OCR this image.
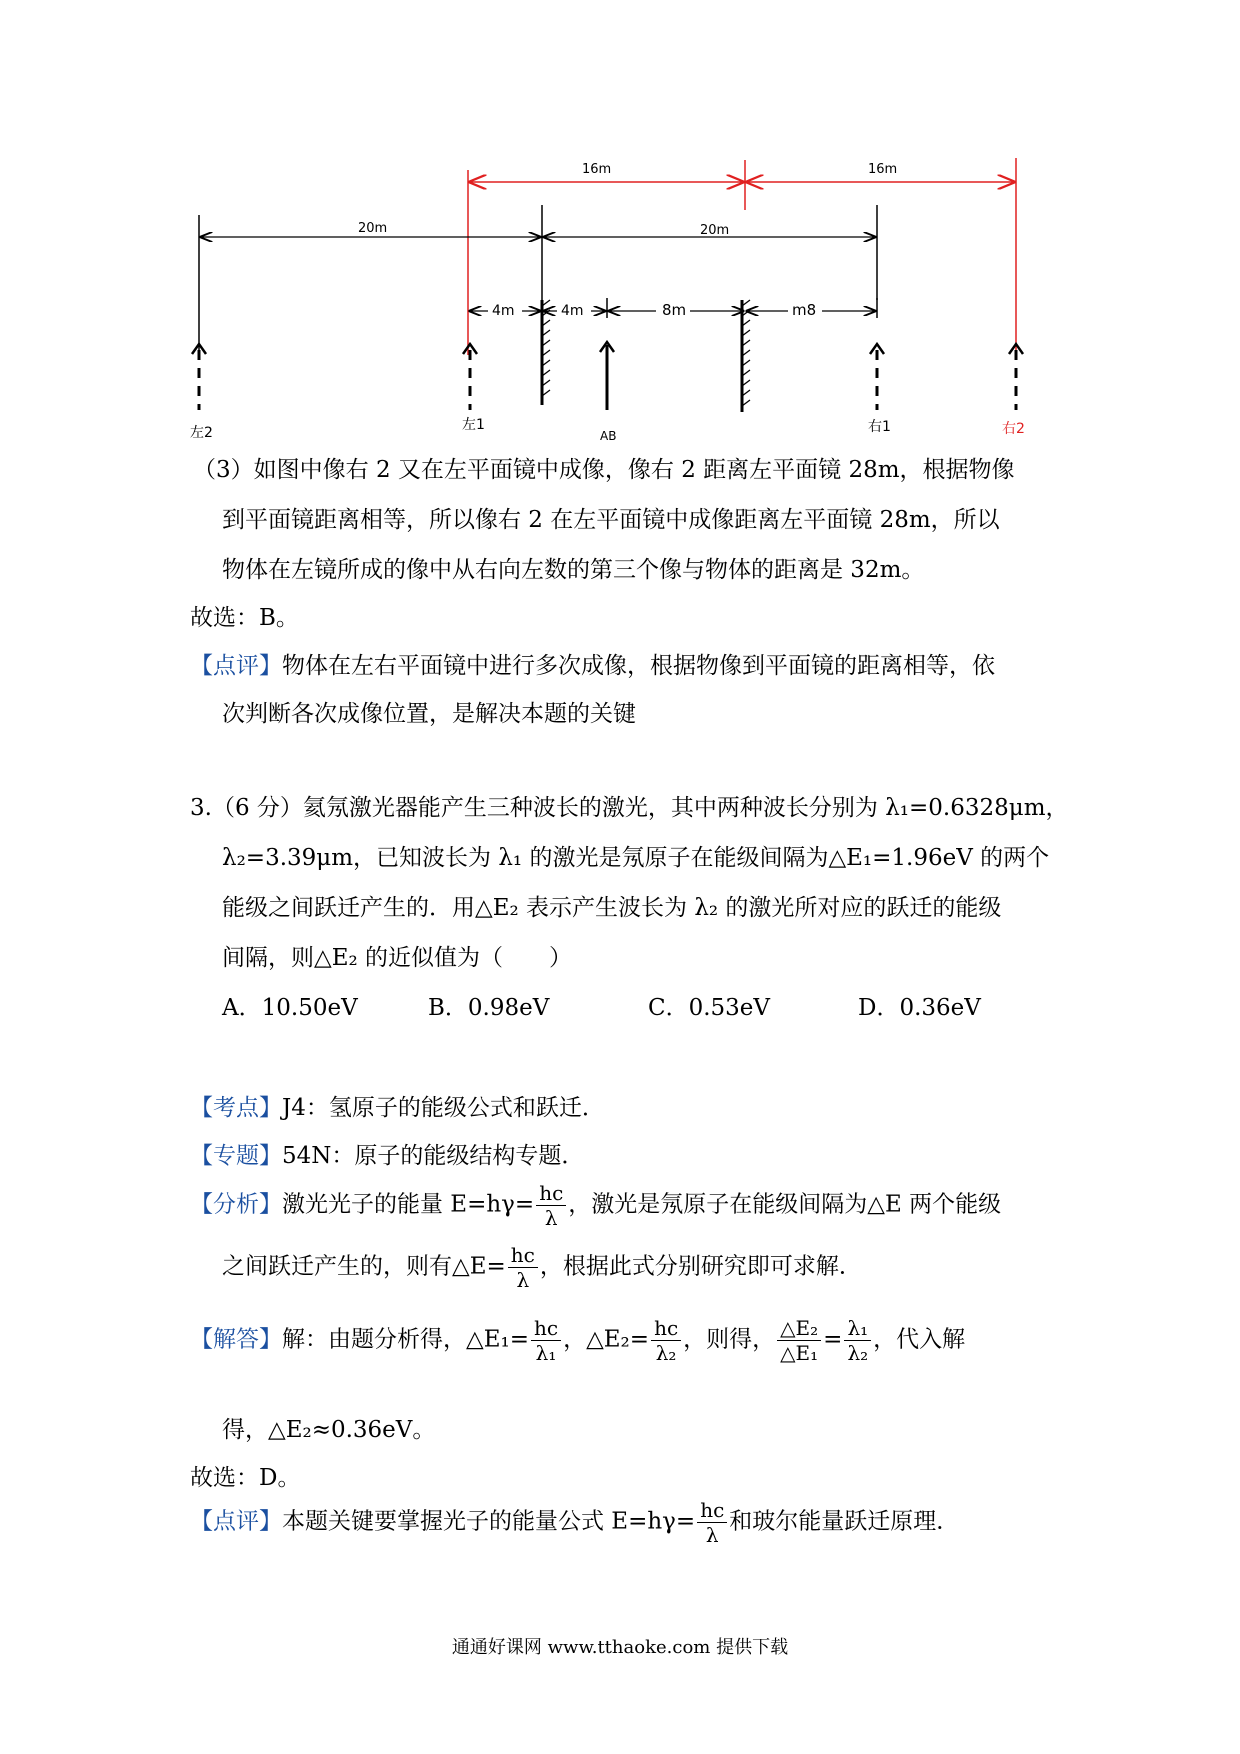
16m	16m
20m	20m
4m	4m	8m	m8
左2	左1
AB
右1	右2
（3）如图中像右 2 又在左平面镜中成像，像右 2 距离左平面镜 28m，根据物像
到平面镜距离相等，所以像右 2 在左平面镜中成像距离左平面镜 28m，所以
物体在左镜所成的像中从右向左数的第三个像与物体的距离是 32m。
故选：B。
【点评】物体在左右平面镜中进行多次成像，根据物像到平面镜的距离相等，依
次判断各次成像位置，是解决本题的关键
3.（6 分）氦氖激光器能产生三种波长的激光，其中两种波长分别为 λ₁=0.6328μm，
λ₂=3.39μm，已知波长为 λ₁ 的激光是氖原子在能级间隔为△E₁=1.96eV 的两个
能级之间跃迁产生的．用△E₂ 表示产生波长为 λ₂ 的激光所对应的跃迁的能级
间隔，则△E₂ 的近似值为（　　）
A．10.50eV	B．0.98eV	C．0.53eV	D．0.36eV
【考点】J4：氢原子的能级公式和跃迁．
【专题】54N：原子的能级结构专题．
【分析】激光光子的能量 $E=h\gamma= \frac{hc}{\lambda}$ ，激光是氖原子在能级间隔为△E 两个能级
之间跃迁产生的，则有△E= $\frac{hc}{\lambda}$ ，根据此式分别研究即可求解．
【解答】解：由题分析得，△E₁= $\frac{hc}{\text{λ₁}}$ ，△E₂= $\frac{hc}{\text{λ₂}}$ ，则得， $\frac{\text{△E₂}}{\text{△E₁}} = \frac{\text{λ₁}}{\text{λ₂}}$ ，代入解
得，△E₂≈0.36eV。
故选：D。
【点评】本题关键要掌握光子的能量公式 $E=h\gamma= \frac{hc}{\lambda}$ 和玻尔能量跃迁原理．
通通好课网 www.tthaoke.com 提供下载
